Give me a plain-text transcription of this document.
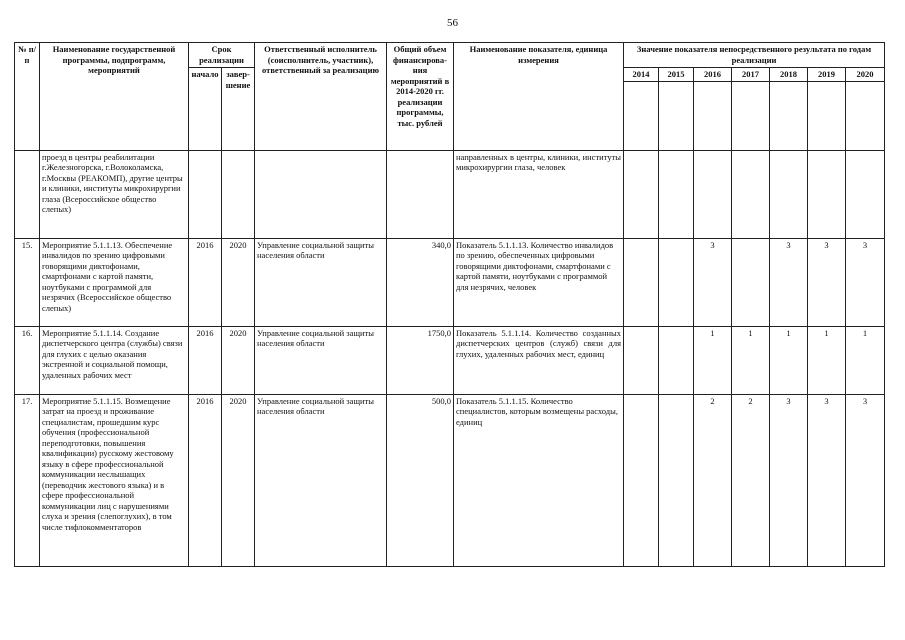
56
№ п/п	Наименование государственной программы, подпрограмм, мероприятий	Срок реализации		Ответственный исполнитель (соисполнитель, участник), ответственный за реализацию	Общий объем финансирова-ния мероприятий в 2014-2020 гг. реализации программы, тыс. рублей	Наименование показателя, единица измерения	Значение показателя непосредственного результата по годам реализации						
		начало	завер-шение				2014	2015	2016	2017	2018	2019	2020

	проезд в центры реабилитации г.Железногорска, г.Волоколамска, г.Москвы (РЕАКОМП), другие центры и клиники, институты микрохирургии глаза (Всероссийское общество слепых)					направленных в центры, клиники, институты микрохирургии глаза, человек							
15.	Мероприятие 5.1.1.13. Обеспечение инвалидов по зрению цифровыми говорящими диктофонами, смартфонами с картой памяти, ноутбуками с программой для незрячих (Всероссийское общество слепых)	2016	2020	Управление социальной защиты населения области	340,0	Показатель 5.1.1.13. Количество инвалидов по зрению, обеспеченных цифровыми говорящими диктофонами, смартфонами с картой памяти, ноутбуками с программой для незрячих, человек			3		3	3	3
16.	Мероприятие 5.1.1.14. Создание диспетчерского центра (службы) связи для глухих с целью оказания экстренной и социальной помощи, удаленных рабочих мест	2016	2020	Управление социальной защиты населения области	1750,0	Показатель 5.1.1.14. Количество созданных диспетчерских центров (служб) связи для глухих, удаленных рабочих мест, единиц			1	1	1	1	1
17.	Мероприятие 5.1.1.15. Возмещение затрат на проезд и проживание специалистам, прошедшим курс обучения (профессиональной переподготовки, повышения квалификации) русскому жестовому языку в сфере профессиональной коммуникации неслышащих (переводчик жестового языка) и в сфере профессиональной коммуникации лиц с нарушениями слуха и зрения (слепоглухих), в том числе тифлокомментаторов	2016	2020	Управление социальной защиты населения области	500,0	Показатель 5.1.1.15. Количество специалистов, которым возмещены расходы, единиц			2	2	3	3	3
